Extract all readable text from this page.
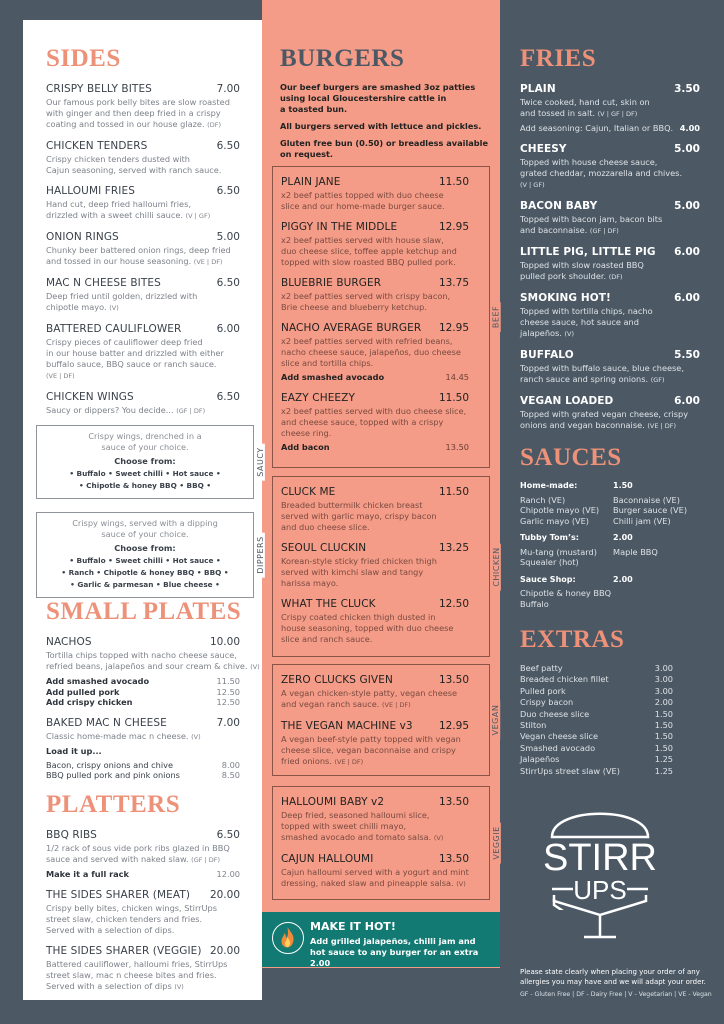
SIDES
CRISPY BELLY BITES	7.00
Our famous pork belly bites are slow roasted
with ginger and then deep fried in a crispy
coating and tossed in our house glaze. (DF)
CHICKEN TENDERS	6.50
Crispy chicken tenders dusted with
Cajun seasoning, served with ranch sauce.
HALLOUMI FRIES	6.50
Hand cut, deep fried halloumi fries,
drizzled with a sweet chilli sauce. (V | GF)
ONION RINGS	5.00
Chunky beer battered onion rings, deep fried
and tossed in our house seasoning. (VE | DF)
MAC N CHEESE BITES	6.50
Deep fried until golden, drizzled with
chipotle mayo. (V)
BATTERED CAULIFLOWER	6.00
Crispy pieces of cauliflower deep fried
in our house batter and drizzled with either
buffalo sauce, BBQ sauce or ranch sauce.
(VE | DF)
CHICKEN WINGS	6.50
Saucy or dippers? You decide... (GF | DF)
Crispy wings, drenched in a
sauce of your choice.
Choose from:
• Buffalo • Sweet chilli • Hot sauce •
• Chipotle & honey BBQ • BBQ •
SAUCY
Crispy wings, served with a dipping
sauce of your choice.
Choose from:
• Buffalo • Sweet chilli • Hot sauce •
• Ranch • Chipotle & honey BBQ • BBQ •
• Garlic & parmesan • Blue cheese •
DIPPERS
SMALL PLATES
NACHOS	10.00
Tortilla chips topped with nacho cheese sauce,
refried beans, jalapeños and sour cream & chive. (V)
Add smashed avocado	11.50
Add pulled pork	12.50
Add crispy chicken	12.50
BAKED MAC N CHEESE	7.00
Classic home-made mac n cheese. (V)
Load it up...
Bacon, crispy onions and chive	8.00
BBQ pulled pork and pink onions	8.50
PLATTERS
BBQ RIBS	6.50
1/2 rack of sous vide pork ribs glazed in BBQ
sauce and served with naked slaw. (GF | DF)
Make it a full rack	12.00
THE SIDES SHARER (MEAT) 20.00
Crispy belly bites, chicken wings, StirrUps
street slaw, chicken tenders and fries.
Served with a selection of dips.
THE SIDES SHARER (VEGGIE) 20.00
Battered cauliflower, halloumi fries, StirrUps
street slaw, mac n cheese bites and fries.
Served with a selection of dips (V)
BURGERS
Our beef burgers are smashed 3oz patties
using local Gloucestershire cattle in
a toasted bun.
All burgers served with lettuce and pickles.
Gluten free bun (0.50) or breadless available
on request.
PLAIN JANE	11.50
x2 beef patties topped with duo cheese
slice and our home-made burger sauce.
PIGGY IN THE MIDDLE	12.95
x2 beef patties served with house slaw,
duo cheese slice, toffee apple ketchup and
topped with slow roasted BBQ pulled pork.
BLUEBRIE BURGER	13.75
x2 beef patties served with crispy bacon,
Brie cheese and blueberry ketchup.
NACHO AVERAGE BURGER 12.95
x2 beef patties served with refried beans,
nacho cheese sauce, jalapeños, duo cheese
slice and tortilla chips.
Add smashed avocado	14.45
EAZY CHEEZY	11.50
x2 beef patties served with duo cheese slice,
and cheese sauce, topped with a crispy
cheese ring.
Add bacon	13.50
BEEF
CLUCK ME	11.50
Breaded buttermilk chicken breast
served with garlic mayo, crispy bacon
and duo cheese slice.
SEOUL CLUCKIN	13.25
Korean-style sticky fried chicken thigh
served with kimchi slaw and tangy
harissa mayo.
WHAT THE CLUCK	12.50
Crispy coated chicken thigh dusted in
house seasoning, topped with duo cheese
slice and ranch sauce.
CHICKEN
ZERO CLUCKS GIVEN	13.50
A vegan chicken-style patty, vegan cheese
and vegan ranch sauce. (VE | DF)
THE VEGAN MACHINE v3 12.95
A vegan beef-style patty topped with vegan
cheese slice, vegan baconnaise and crispy
fried onions. (VE | DF)
VEGAN
HALLOUMI BABY v2	13.50
Deep fried, seasoned halloumi slice,
topped with sweet chilli mayo,
smashed avocado and tomato salsa. (V)
CAJUN HALLOUMI	13.50
Cajun halloumi served with a yogurt and mint
dressing, naked slaw and pineapple salsa. (V)
VEGGIE
MAKE IT HOT!
Add grilled jalapeños, chilli jam and
hot sauce to any burger for an extra 2.00
FRIES
PLAIN	3.50
Twice cooked, hand cut, skin on
and tossed in salt. (V | GF | DF)
Add seasoning: Cajun, Italian or BBQ. 4.00
CHEESY	5.00
Topped with house cheese sauce,
grated cheddar, mozzarella and chives.
(V | GF)
BACON BABY	5.00
Topped with bacon jam, bacon bits
and baconnaise. (GF | DF)
LITTLE PIG, LITTLE PIG 6.00
Topped with slow roasted BBQ
pulled pork shoulder. (DF)
SMOKING HOT!	6.00
Topped with tortilla chips, nacho
cheese sauce, hot sauce and
jalapeños. (V)
BUFFALO	5.50
Topped with buffalo sauce, blue cheese,
ranch sauce and spring onions. (GF)
VEGAN LOADED	6.00
Topped with grated vegan cheese, crispy
onions and vegan baconnaise. (VE | DF)
SAUCES
Home-made:	1.50
Ranch (VE)	Baconnaise (VE)
Chipotle mayo (VE)	Burger sauce (VE)
Garlic mayo (VE)	Chilli jam (VE)
Tubby Tom’s:	2.00
Mu-tang (mustard)	Maple BBQ
Squealer (hot)
Sauce Shop:	2.00
Chipotle & honey BBQ
Buffalo
EXTRAS
Beef patty	3.00
Breaded chicken fillet	3.00
Pulled pork	3.00
Crispy bacon	2.00
Duo cheese slice	1.50
Stilton	1.50
Vegan cheese slice	1.50
Smashed avocado	1.50
Jalapeños	1.25
StirrUps street slaw (VE)	1.25
STIRR
UPS
Please state clearly when placing your order of any
allergies you may have and we will adapt your order.
GF - Gluten Free | DF - Dairy Free | V - Vegetarian | VE - Vegan
